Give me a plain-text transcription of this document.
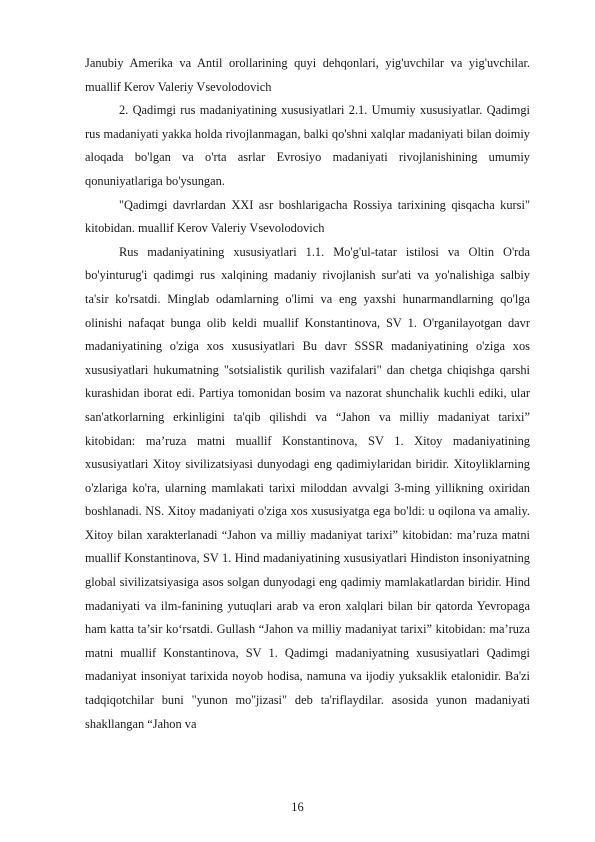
Janubiy Amerika va Antil orollarining quyi dehqonlari, yig'uvchilar va yig'uvchilar. muallif Kerov Valeriy Vsevolodovich

2. Qadimgi rus madaniyatining xususiyatlari 2.1. Umumiy xususiyatlar. Qadimgi rus madaniyati yakka holda rivojlanmagan, balki qo'shni xalqlar madaniyati bilan doimiy aloqada bo'lgan va o'rta asrlar Evrosiyo madaniyati rivojlanishining umumiy qonuniyatlariga bo'ysungan.

"Qadimgi davrlardan XXI asr boshlarigacha Rossiya tarixining qisqacha kursi" kitobidan. muallif Kerov Valeriy Vsevolodovich

Rus madaniyatining xususiyatlari 1.1. Mo'g'ul-tatar istilosi va Oltin O'rda bo'yinturug'i qadimgi rus xalqining madaniy rivojlanish sur'ati va yo'nalishiga salbiy ta'sir ko'rsatdi. Minglab odamlarning o'limi va eng yaxshi hunarmandlarning qo'lga olinishi nafaqat bunga olib keldi muallif Konstantinova, SV 1. O'rganilayotgan davr madaniyatining o'ziga xos xususiyatlari Bu davr SSSR madaniyatining o'ziga xos xususiyatlari hukumatning "sotsialistik qurilish vazifalari" dan chetga chiqishga qarshi kurashidan iborat edi. Partiya tomonidan bosim va nazorat shunchalik kuchli ediki, ular san'atkorlarning erkinligini ta'qib qilishdi va “Jahon va milliy madaniyat tarixi” kitobidan: ma’ruza matni muallif Konstantinova, SV 1. Xitoy madaniyatining xususiyatlari Xitoy sivilizatsiyasi dunyodagi eng qadimiylaridan biridir. Xitoyliklarning o'zlariga ko'ra, ularning mamlakati tarixi miloddan avvalgi 3-ming yillikning oxiridan boshlanadi. NS. Xitoy madaniyati o'ziga xos xususiyatga ega bo'ldi: u oqilona va amaliy. Xitoy bilan xarakterlanadi “Jahon va milliy madaniyat tarixi” kitobidan: ma’ruza matni muallif Konstantinova, SV 1. Hind madaniyatining xususiyatlari Hindiston insoniyatning global sivilizatsiyasiga asos solgan dunyodagi eng qadimiy mamlakatlardan biridir. Hind madaniyati va ilm-fanining yutuqlari arab va eron xalqlari bilan bir qatorda Yevropaga ham katta ta’sir ko‘rsatdi. Gullash “Jahon va milliy madaniyat tarixi” kitobidan: ma’ruza matni muallif Konstantinova, SV 1. Qadimgi madaniyatning xususiyatlari Qadimgi madaniyat insoniyat tarixida noyob hodisa, namuna va ijodiy yuksaklik etalonidir. Ba'zi tadqiqotchilar buni "yunon mo''jizasi" deb ta'riflaydilar. asosida yunon madaniyati shakllangan “Jahon va

16
